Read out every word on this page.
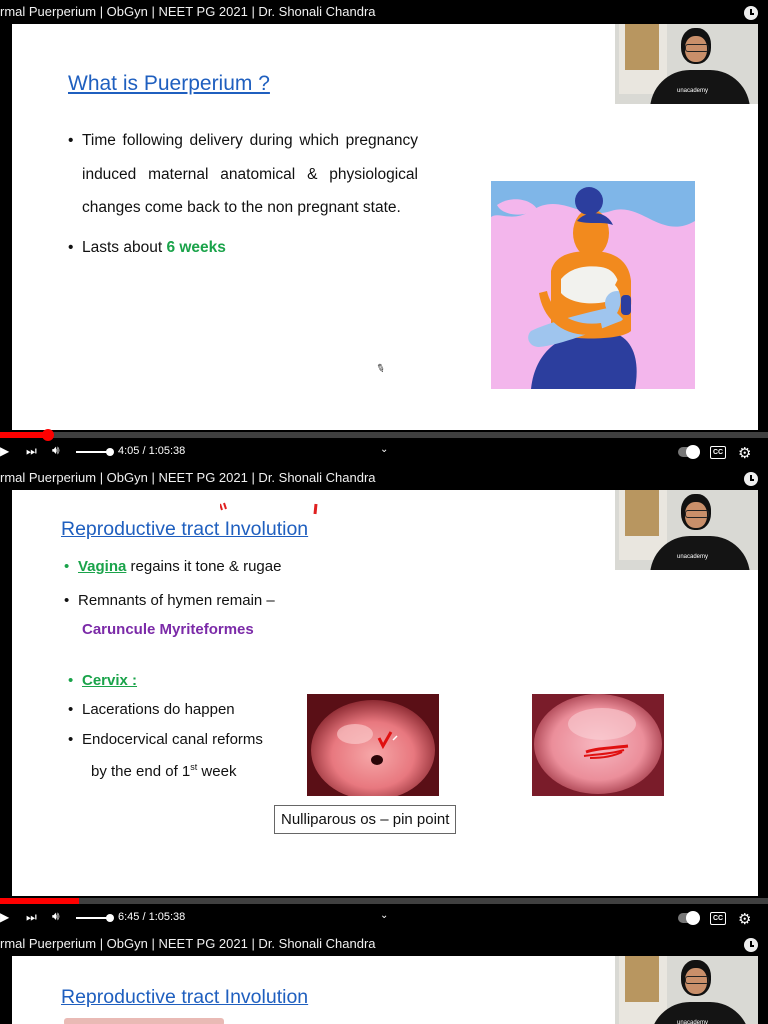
rmal Puerperium | ObGyn | NEET PG 2021 | Dr. Shonali Chandra
What is Puerperium ?
• Time following delivery during which pregnancy induced maternal anatomical & physiological changes come back to the non pregnant state.
• Lasts about 6 weeks
✎
unacademy
▶ ⏭ 🔊︎	4:05 / 1:05:38	⌄	CC ⚙
rmal Puerperium | ObGyn | NEET PG 2021 | Dr. Shonali Chandra
Reproductive tract Involution
• Vagina regains it tone & rugae
• Remnants of hymen remain –
Caruncule Myriteformes
• Cervix :
• Lacerations do happen
• Endocervical canal reforms
by the end of 1st week
Nulliparous os – pin point
unacademy
▶ ⏭ 🔊︎	6:45 / 1:05:38	⌄	CC ⚙
rmal Puerperium | ObGyn | NEET PG 2021 | Dr. Shonali Chandra
Reproductive tract Involution
unacademy
